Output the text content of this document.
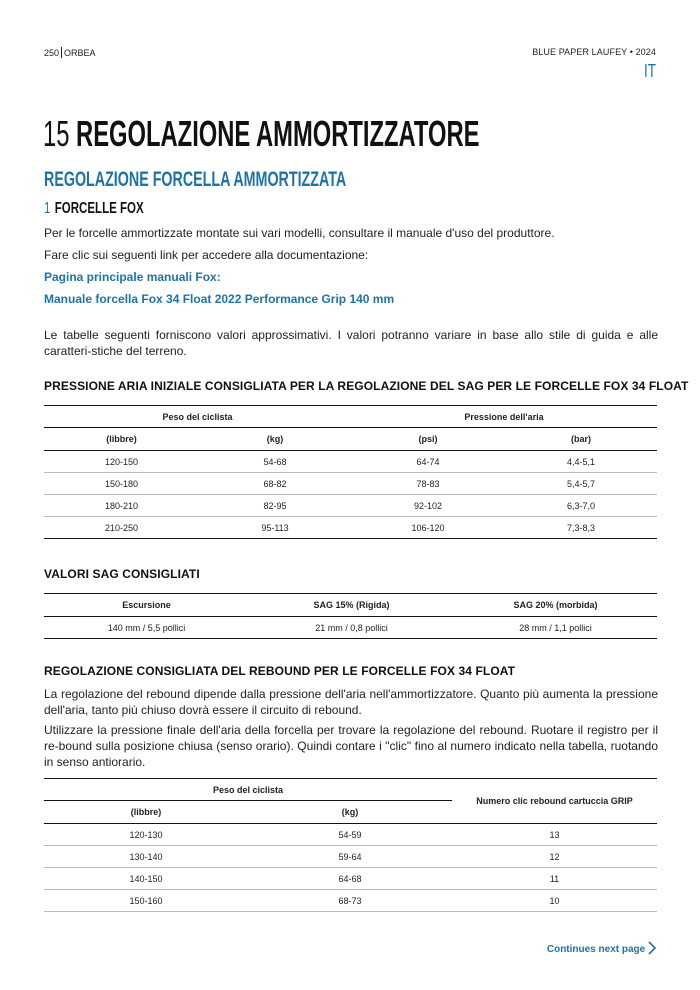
250 ORBEA	BLUE PAPER LAUFEY • 2024
IT
15 REGOLAZIONE AMMORTIZZATORE
REGOLAZIONE FORCELLA AMMORTIZZATA
1 FORCELLE FOX

Per le forcelle ammortizzate montate sui vari modelli, consultare il manuale d'uso del produttore.

Fare clic sui seguenti link per accedere alla documentazione:

Pagina principale manuali Fox:
Manuale forcella Fox 34 Float 2022 Performance Grip 140 mm

Le tabelle seguenti forniscono valori approssimativi. I valori potranno variare in base allo stile di guida e alle caratteri-stiche del terreno.

PRESSIONE ARIA INIZIALE CONSIGLIATA PER LA REGOLAZIONE DEL SAG PER LE FORCELLE FOX 34 FLOAT
Peso del ciclista		Pressione dell'aria	
(libbre)	(kg)	(psi)	(bar)
120-150	54-68	64-74	4,4-5,1
150-180	68-82	78-83	5,4-5,7
180-210	82-95	92-102	6,3-7,0
210-250	95-113	106-120	7,3-8,3
VALORI SAG CONSIGLIATI
Escursione	SAG 15% (Rigida)	SAG 20% (morbida)
140 mm / 5,5 pollici	21 mm / 0,8 pollici	28 mm / 1,1 pollici
REGOLAZIONE CONSIGLIATA DEL REBOUND PER LE FORCELLE FOX 34 FLOAT

La regolazione del rebound dipende dalla pressione dell'aria nell'ammortizzatore. Quanto più aumenta la pressione dell'aria, tanto più chiuso dovrà essere il circuito di rebound.

Utilizzare la pressione finale dell'aria della forcella per trovare la regolazione del rebound. Ruotare il registro per il re-bound sulla posizione chiusa (senso orario). Quindi contare i "clic" fino al numero indicato nella tabella, ruotando in senso antiorario.

Peso del ciclista		Numero clic rebound cartuccia GRIP
(libbre)	(kg)	
120-130	54-59	13
130-140	59-64	12
140-150	64-68	11
150-160	68-73	10
Continues next page
